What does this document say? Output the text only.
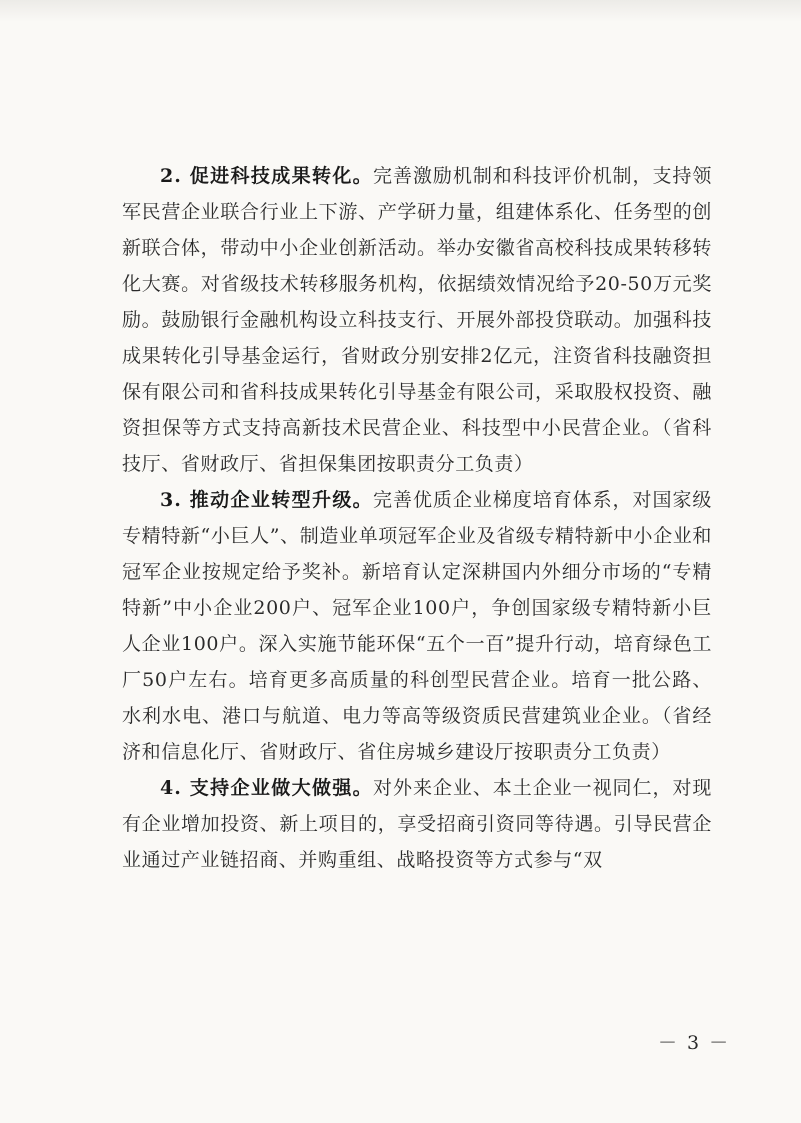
2. 促进科技成果转化。完善激励机制和科技评价机制，支持领军民营企业联合行业上下游、产学研力量，组建体系化、任务型的创新联合体，带动中小企业创新活动。举办安徽省高校科技成果转移转化大赛。对省级技术转移服务机构，依据绩效情况给予20-50万元奖励。鼓励银行金融机构设立科技支行、开展外部投贷联动。加强科技成果转化引导基金运行，省财政分别安排2亿元，注资省科技融资担保有限公司和省科技成果转化引导基金有限公司，采取股权投资、融资担保等方式支持高新技术民营企业、科技型中小民营企业。（省科技厅、省财政厅、省担保集团按职责分工负责）

3. 推动企业转型升级。完善优质企业梯度培育体系，对国家级专精特新“小巨人”、制造业单项冠军企业及省级专精特新中小企业和冠军企业按规定给予奖补。新培育认定深耕国内外细分市场的“专精特新”中小企业200户、冠军企业100户，争创国家级专精特新小巨人企业100户。深入实施节能环保“五个一百”提升行动，培育绿色工厂50户左右。培育更多高质量的科创型民营企业。培育一批公路、水利水电、港口与航道、电力等高等级资质民营建筑业企业。（省经济和信息化厅、省财政厅、省住房城乡建设厅按职责分工负责）

4. 支持企业做大做强。对外来企业、本土企业一视同仁，对现有企业增加投资、新上项目的，享受招商引资同等待遇。引导民营企业通过产业链招商、并购重组、战略投资等方式参与“双

－ 3 －
